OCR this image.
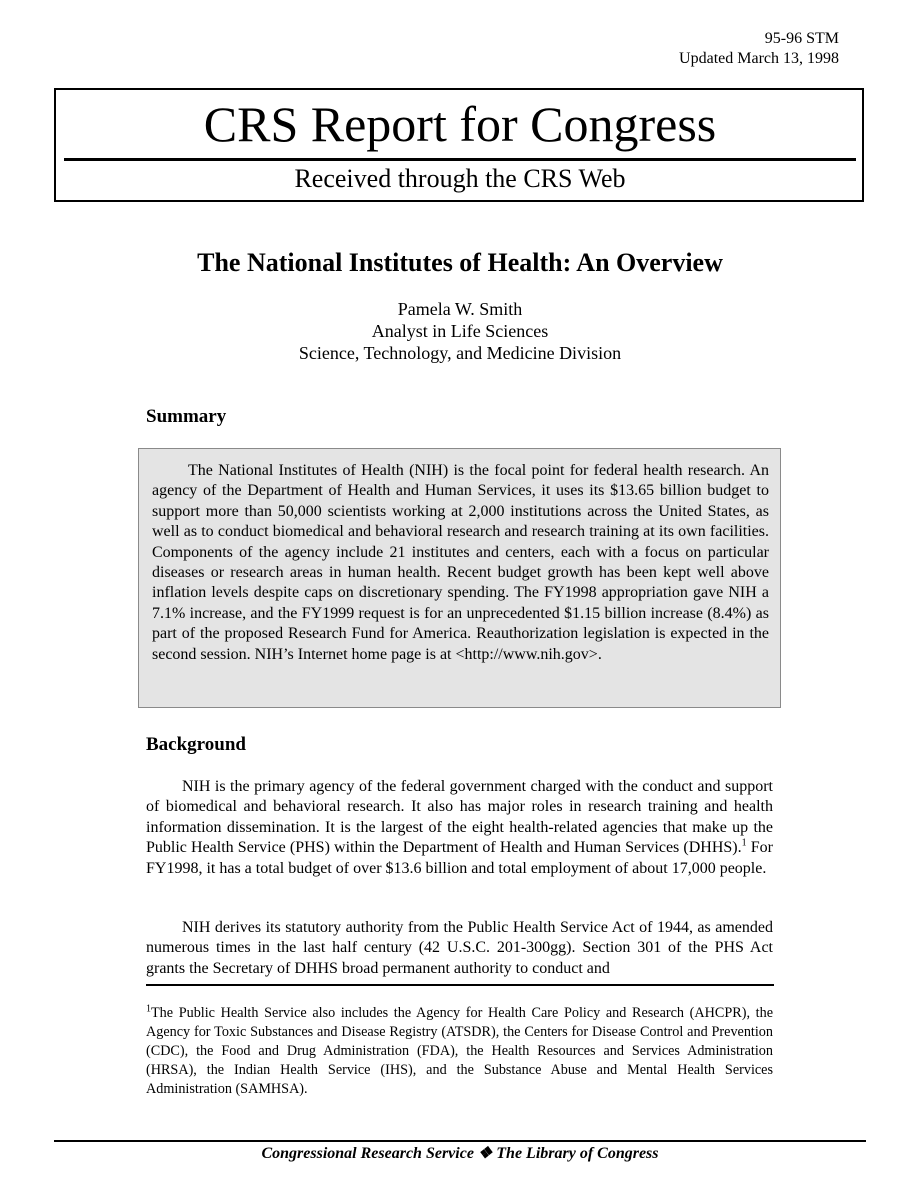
95-96 STM
Updated March 13, 1998
CRS Report for Congress
Received through the CRS Web
The National Institutes of Health: An Overview
Pamela W. Smith
Analyst in Life Sciences
Science, Technology, and Medicine Division
Summary
The National Institutes of Health (NIH) is the focal point for federal health research. An agency of the Department of Health and Human Services, it uses its $13.65 billion budget to support more than 50,000 scientists working at 2,000 institutions across the United States, as well as to conduct biomedical and behavioral research and research training at its own facilities. Components of the agency include 21 institutes and centers, each with a focus on particular diseases or research areas in human health. Recent budget growth has been kept well above inflation levels despite caps on discretionary spending. The FY1998 appropriation gave NIH a 7.1% increase, and the FY1999 request is for an unprecedented $1.15 billion increase (8.4%) as part of the proposed Research Fund for America. Reauthorization legislation is expected in the second session. NIH’s Internet home page is at <http://www.nih.gov>.
Background
NIH is the primary agency of the federal government charged with the conduct and support of biomedical and behavioral research. It also has major roles in research training and health information dissemination. It is the largest of the eight health-related agencies that make up the Public Health Service (PHS) within the Department of Health and Human Services (DHHS).$^1$ For FY1998, it has a total budget of over $13.6 billion and total employment of about 17,000 people.
NIH derives its statutory authority from the Public Health Service Act of 1944, as amended numerous times in the last half century (42 U.S.C. 201-300gg). Section 301 of the PHS Act grants the Secretary of DHHS broad permanent authority to conduct and
$^1$The Public Health Service also includes the Agency for Health Care Policy and Research (AHCPR), the Agency for Toxic Substances and Disease Registry (ATSDR), the Centers for Disease Control and Prevention (CDC), the Food and Drug Administration (FDA), the Health Resources and Services Administration (HRSA), the Indian Health Service (IHS), and the Substance Abuse and Mental Health Services Administration (SAMHSA).
Congressional Research Service ❖ The Library of Congress
